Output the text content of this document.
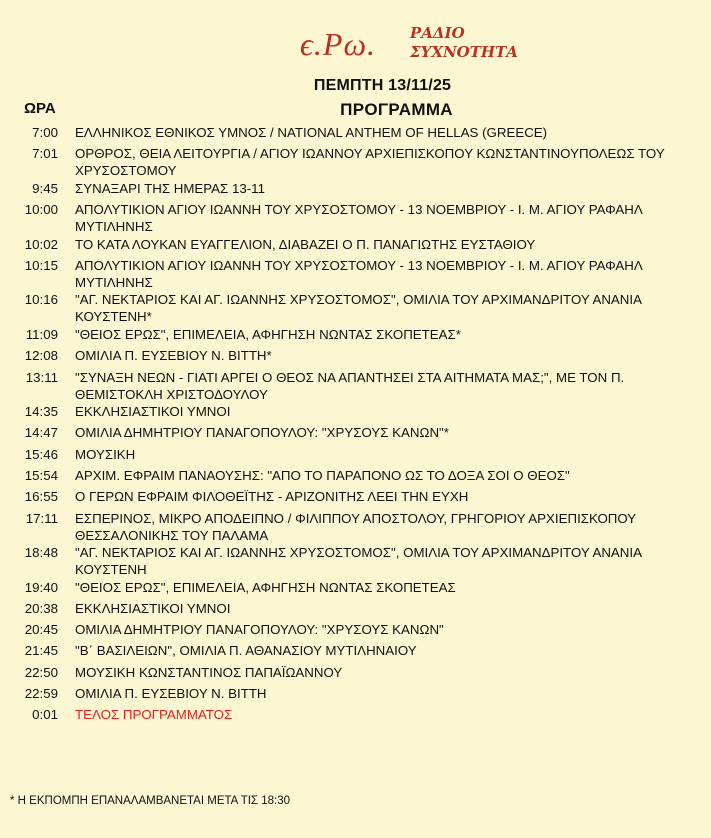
ϵ.Ρω. ΡΑΔΙΟ
ΣΥΧΝΟΤΗΤΑ
ΠΕΜΠΤΗ 13/11/25
ΩΡΑ	ΠΡΟΓΡΑΜΜΑ
7:00 ΕΛΛΗΝΙΚΟΣ ΕΘΝΙΚΟΣ ΥΜΝΟΣ / NATIONAL ANTHEM OF HELLAS (GREECE)
7:01 ΟΡΘΡΟΣ, ΘΕΙΑ ΛΕΙΤΟΥΡΓΙΑ / ΑΓΙΟΥ ΙΩΑΝΝΟΥ ΑΡΧΙΕΠΙΣΚΟΠΟΥ ΚΩΝΣΤΑΝΤΙΝΟΥΠΟΛΕΩΣ ΤΟΥ
ΧΡΥΣΟΣΤΟΜΟΥ
9:45 ΣΥΝΑΞΑΡΙ ΤΗΣ ΗΜΕΡΑΣ 13-11
10:00 ΑΠΟΛΥΤΙΚΙΟΝ ΑΓΙΟΥ ΙΩΑΝΝΗ ΤΟΥ ΧΡΥΣΟΣΤΟΜΟΥ - 13 ΝΟΕΜΒΡΙΟΥ - Ι. Μ. ΑΓΙΟΥ ΡΑΦΑΗΛ
ΜΥΤΙΛΗΝΗΣ
10:02 ΤΟ ΚΑΤΑ ΛΟΥΚΑΝ ΕΥΑΓΓΕΛΙΟΝ, ΔΙΑΒΑΖΕΙ Ο Π. ΠΑΝΑΓΙΩΤΗΣ ΕΥΣΤΑΘΙΟΥ
10:15 ΑΠΟΛΥΤΙΚΙΟΝ ΑΓΙΟΥ ΙΩΑΝΝΗ ΤΟΥ ΧΡΥΣΟΣΤΟΜΟΥ - 13 ΝΟΕΜΒΡΙΟΥ - Ι. Μ. ΑΓΙΟΥ ΡΑΦΑΗΛ
ΜΥΤΙΛΗΝΗΣ
10:16 "ΑΓ. ΝΕΚΤΑΡΙΟΣ ΚΑΙ ΑΓ. ΙΩΑΝΝΗΣ ΧΡΥΣΟΣΤΟΜΟΣ", ΟΜΙΛΙΑ ΤΟΥ ΑΡΧΙΜΑΝΔΡΙΤΟΥ ΑΝΑΝΙΑ
ΚΟΥΣΤΕΝΗ*
11:09 "ΘΕΙΟΣ ΕΡΩΣ", ΕΠΙΜΕΛΕΙΑ, ΑΦΗΓΗΣΗ ΝΩΝΤΑΣ ΣΚΟΠΕΤΕΑΣ*
12:08 ΟΜΙΛΙΑ Π. ΕΥΣΕΒΙΟΥ Ν. ΒΙΤΤΗ*
13:11 "ΣΥΝΑΞΗ ΝΕΩΝ - ΓΙΑΤΙ ΑΡΓΕΙ Ο ΘΕΟΣ ΝΑ ΑΠΑΝΤΗΣΕΙ ΣΤΑ ΑΙΤΗΜΑΤΑ ΜΑΣ;", ΜΕ ΤΟΝ Π.
ΘΕΜΙΣΤΟΚΛΗ ΧΡΙΣΤΟΔΟΥΛΟΥ
14:35 ΕΚΚΛΗΣΙΑΣΤΙΚΟΙ ΥΜΝΟΙ
14:47 ΟΜΙΛΙΑ ΔΗΜΗΤΡΙΟΥ ΠΑΝΑΓΟΠΟΥΛΟΥ: "ΧΡΥΣΟΥΣ ΚΑΝΩΝ"*
15:46 ΜΟΥΣΙΚΗ
15:54 ΑΡΧΙΜ. ΕΦΡΑΙΜ ΠΑΝΑΟΥΣΗΣ: "ΑΠΟ ΤΟ ΠΑΡΑΠΟΝΟ ΩΣ ΤΟ ΔΟΞΑ ΣΟΙ Ο ΘΕΟΣ"
16:55 Ο ΓΕΡΩΝ ΕΦΡΑΙΜ ΦΙΛΟΘΕΪΤΗΣ - ΑΡΙΖΟΝΙΤΗΣ ΛΕΕΙ ΤΗΝ ΕΥΧΗ
17:11 ΕΣΠΕΡΙΝΟΣ, ΜΙΚΡΟ ΑΠΟΔΕΙΠΝΟ / ΦΙΛΙΠΠΟΥ ΑΠΟΣΤΟΛΟΥ, ΓΡΗΓΟΡΙΟΥ ΑΡΧΙΕΠΙΣΚΟΠΟΥ
ΘΕΣΣΑΛΟΝΙΚΗΣ ΤΟΥ ΠΑΛΑΜΑ
18:48 "ΑΓ. ΝΕΚΤΑΡΙΟΣ ΚΑΙ ΑΓ. ΙΩΑΝΝΗΣ ΧΡΥΣΟΣΤΟΜΟΣ", ΟΜΙΛΙΑ ΤΟΥ ΑΡΧΙΜΑΝΔΡΙΤΟΥ ΑΝΑΝΙΑ
ΚΟΥΣΤΕΝΗ
19:40 "ΘΕΙΟΣ ΕΡΩΣ", ΕΠΙΜΕΛΕΙΑ, ΑΦΗΓΗΣΗ ΝΩΝΤΑΣ ΣΚΟΠΕΤΕΑΣ
20:38 ΕΚΚΛΗΣΙΑΣΤΙΚΟΙ ΥΜΝΟΙ
20:45 ΟΜΙΛΙΑ ΔΗΜΗΤΡΙΟΥ ΠΑΝΑΓΟΠΟΥΛΟΥ: "ΧΡΥΣΟΥΣ ΚΑΝΩΝ"
21:45 "Β΄ ΒΑΣΙΛΕΙΩΝ", ΟΜΙΛΙΑ Π. ΑΘΑΝΑΣΙΟΥ ΜΥΤΙΛΗΝΑΙΟΥ
22:50 ΜΟΥΣΙΚΗ ΚΩΝΣΤΑΝΤΙΝΟΣ ΠΑΠΑΪΩΑΝΝΟΥ
22:59 ΟΜΙΛΙΑ Π. ΕΥΣΕΒΙΟΥ Ν. ΒΙΤΤΗ
0:01 ΤΕΛΟΣ ΠΡΟΓΡΑΜΜΑΤΟΣ
* Η ΕΚΠΟΜΠΗ ΕΠΑΝΑΛΑΜΒΑΝΕΤΑΙ ΜΕΤΑ ΤΙΣ 18:30
